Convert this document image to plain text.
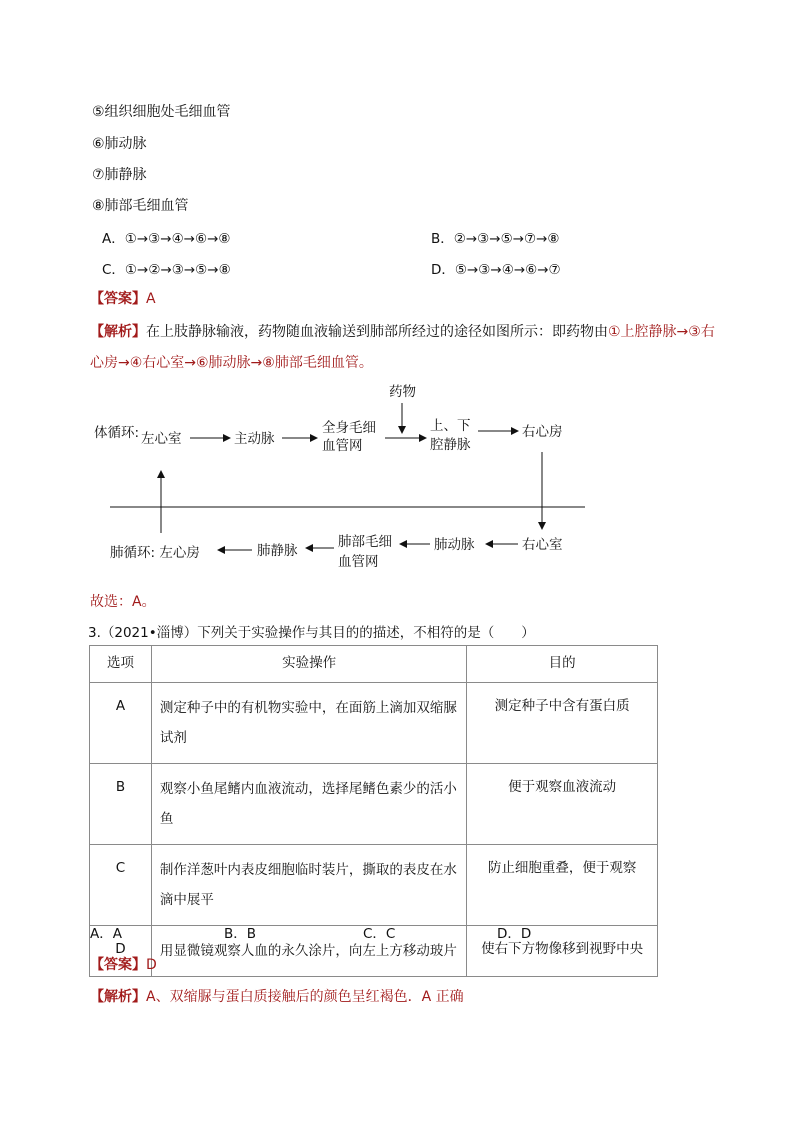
⑤组织细胞处毛细血管
⑥肺动脉
⑦肺静脉
⑧肺部毛细血管
A．①→③→④→⑥→⑧	B．②→③→⑤→⑦→⑧
C．①→②→③→⑤→⑧	D．⑤→③→④→⑥→⑦
【答案】A
【解析】在上肢静脉输液，药物随血液输送到肺部所经过的途径如图所示：即药物由①上腔静脉→③右
心房→④右心室→⑥肺动脉→⑧肺部毛细血管。
药物
体循环: 左心室	主动脉
全身毛细
血管网
上、下
腔静脉
右心房
右心室
肺动脉
肺部毛细
血管网
肺静脉
肺循环: 左心房
故选：A。
3.（2021•淄博）下列关于实验操作与其目的的描述，不相符的是（　　）
选项	实验操作	目的
A	测定种子中的有机物实验中，在面筋上滴加双缩脲试剂	测定种子中含有蛋白质
B	观察小鱼尾鳍内血液流动，选择尾鳍色素少的活小鱼	便于观察血液流动
C	制作洋葱叶内表皮细胞临时装片，撕取的表皮在水滴中展平	防止细胞重叠，便于观察
D	用显微镜观察人血的永久涂片，向左上方移动玻片	使右下方物像移到视野中央
A．A	B．B	C．C	D．D
【答案】D
【解析】A、双缩脲与蛋白质接触后的颜色呈红褐色．A 正确
